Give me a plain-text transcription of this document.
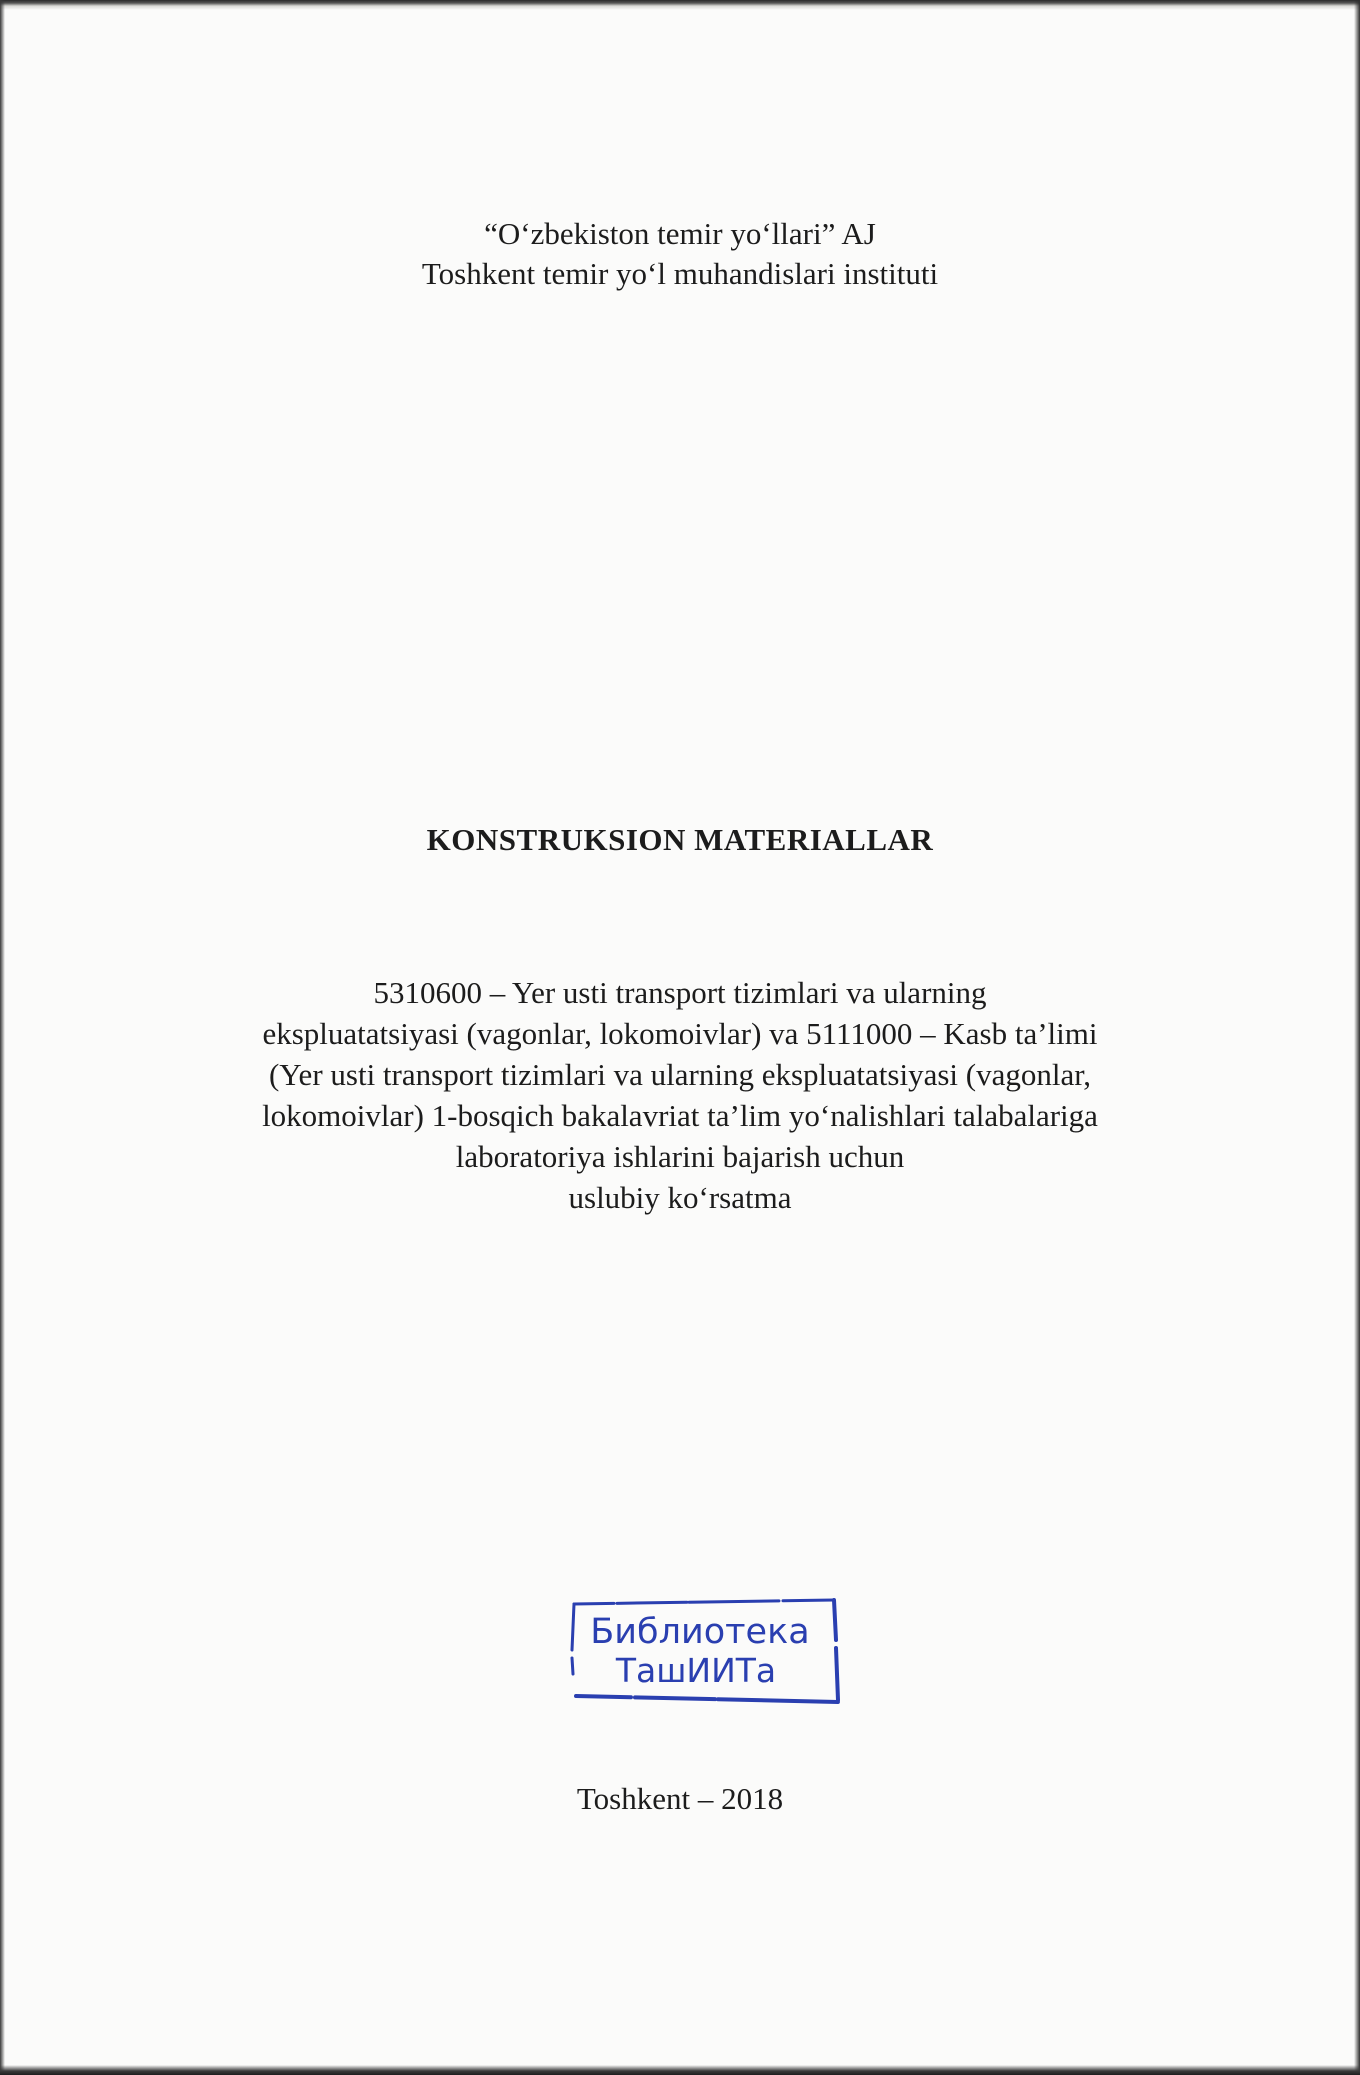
“O‘zbekiston temir yo‘llari” AJ
Toshkent temir yo‘l muhandislari instituti
KONSTRUKSION MATERIALLAR
5310600 – Yer usti transport tizimlari va ularning
ekspluatatsiyasi (vagonlar, lokomoivlar) va 5111000 – Kasb ta’limi
(Yer usti transport tizimlari va ularning ekspluatatsiyasi (vagonlar,
lokomoivlar) 1-bosqich bakalavriat ta’lim yo‘nalishlari talabalariga
laboratoriya ishlarini bajarish uchun
uslubiy ko‘rsatma
Библиотека
ТашИИТа
Toshkent – 2018
